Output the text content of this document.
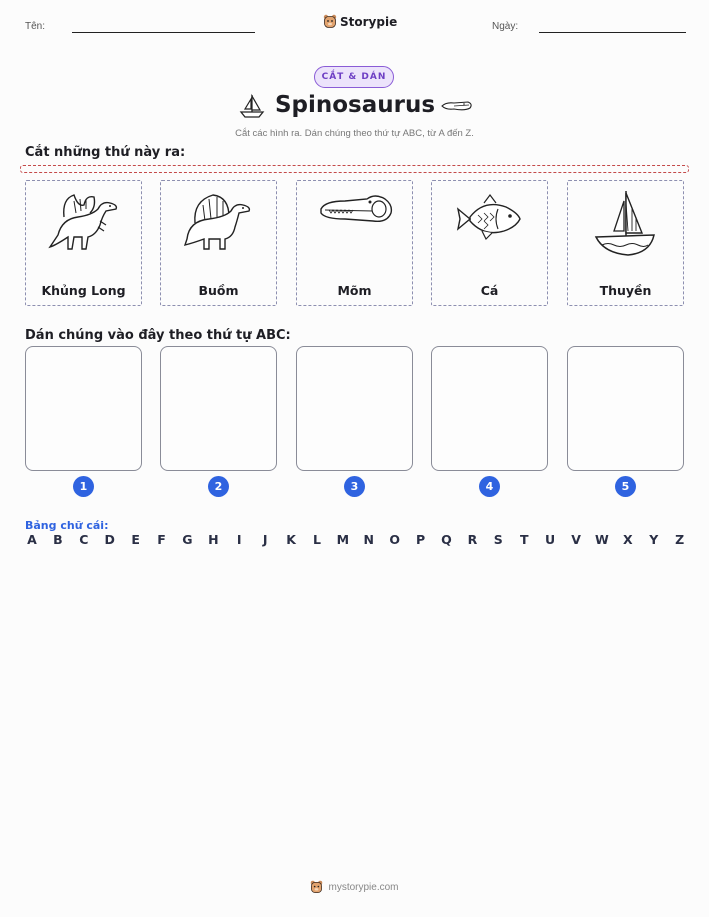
Tên:	Storypie	Ngày:
CẮT & DÁN
Spinosaurus
Cắt các hình ra. Dán chúng theo thứ tự ABC, từ A đến Z.
Cắt những thứ này ra:
Khủng Long	Buồm	Mõm	Cá	Thuyền
Dán chúng vào đây theo thứ tự ABC:
1	2	3	4	5
Bảng chữ cái:
A B C D E F G H	I	J	K L M N O P Q R S T U V W X Y Z
mystorypie.com
